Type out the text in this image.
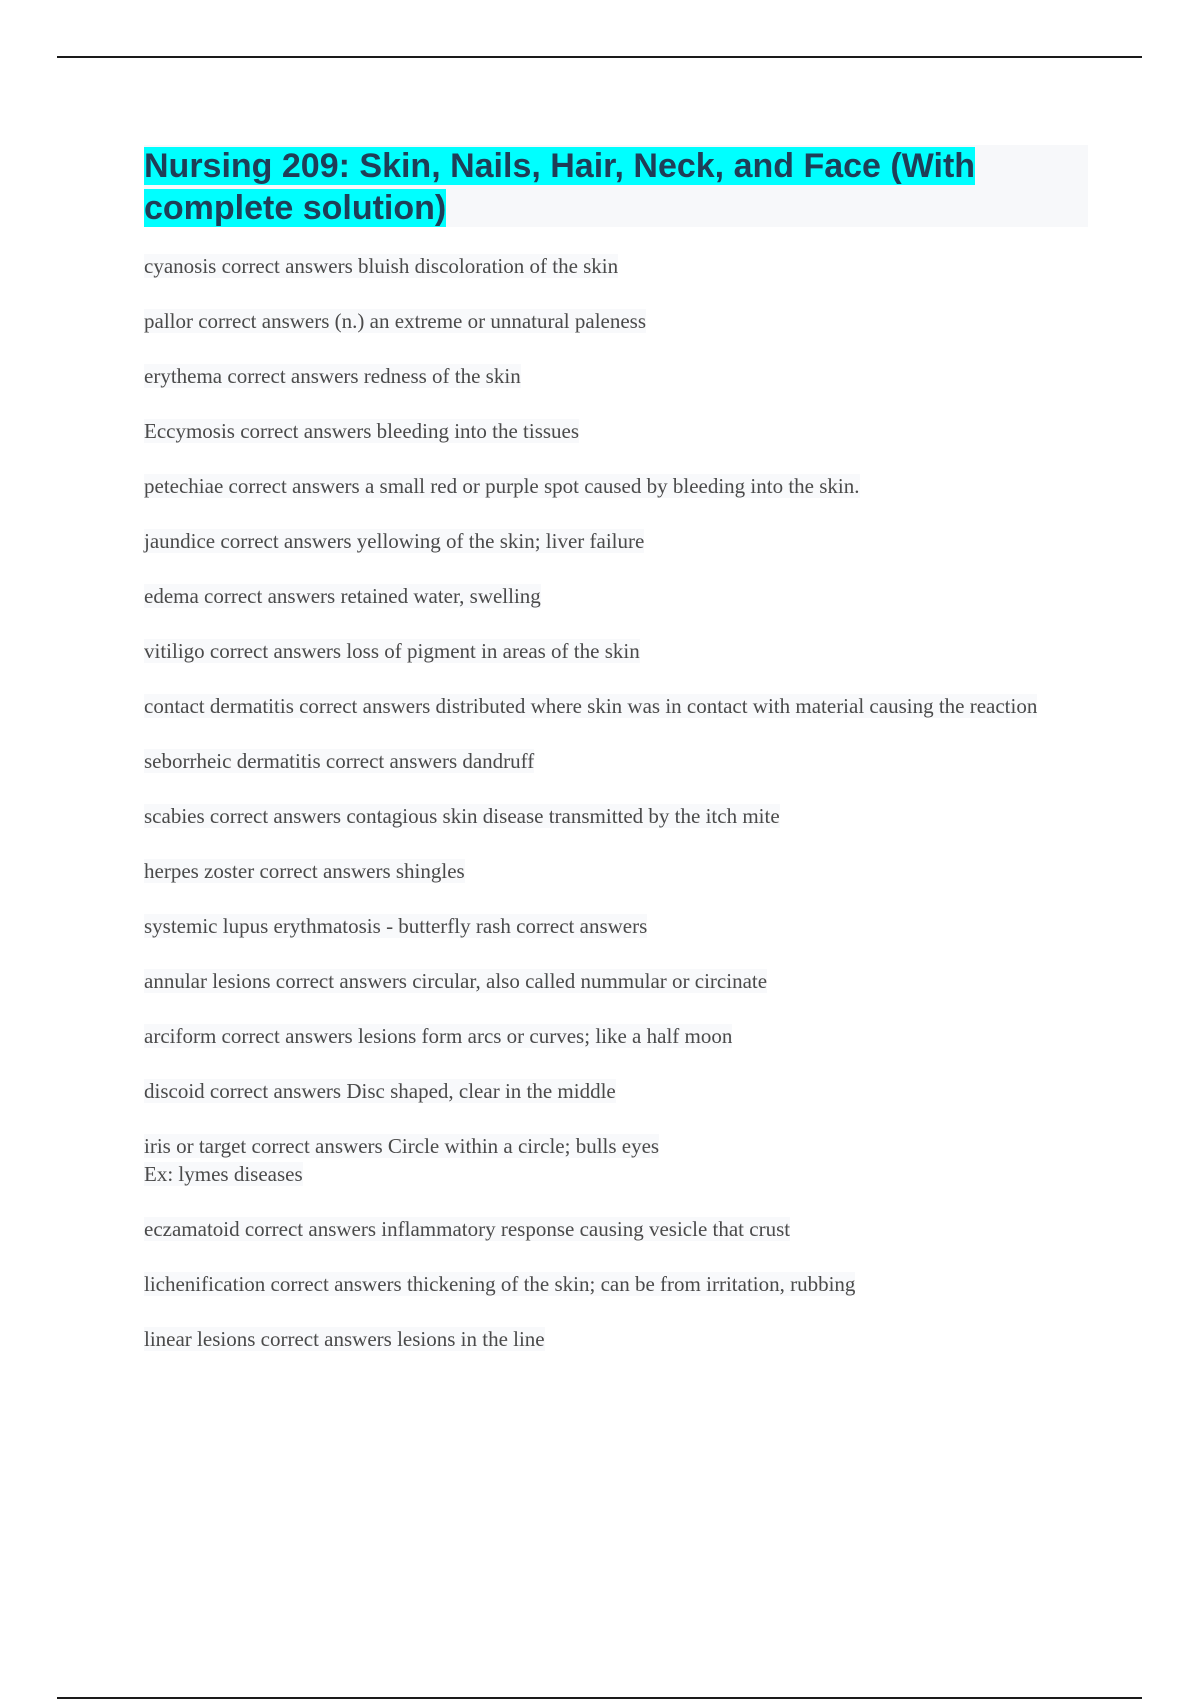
Nursing 209: Skin, Nails, Hair, Neck, and Face (With complete solution)
cyanosis correct answers bluish discoloration of the skin
pallor correct answers (n.) an extreme or unnatural paleness
erythema correct answers redness of the skin
Eccymosis correct answers bleeding into the tissues
petechiae correct answers a small red or purple spot caused by bleeding into the skin.
jaundice correct answers yellowing of the skin; liver failure
edema correct answers retained water, swelling
vitiligo correct answers loss of pigment in areas of the skin
contact dermatitis correct answers distributed where skin was in contact with material causing the reaction
seborrheic dermatitis correct answers dandruff
scabies correct answers contagious skin disease transmitted by the itch mite
herpes zoster correct answers shingles
systemic lupus erythmatosis - butterfly rash correct answers
annular lesions correct answers circular, also called nummular or circinate
arciform correct answers lesions form arcs or curves; like a half moon
discoid correct answers Disc shaped, clear in the middle
iris or target correct answers Circle within a circle; bulls eyes
Ex: lymes diseases
eczamatoid correct answers inflammatory response causing vesicle that crust
lichenification correct answers thickening of the skin; can be from irritation, rubbing
linear lesions correct answers lesions in the line
